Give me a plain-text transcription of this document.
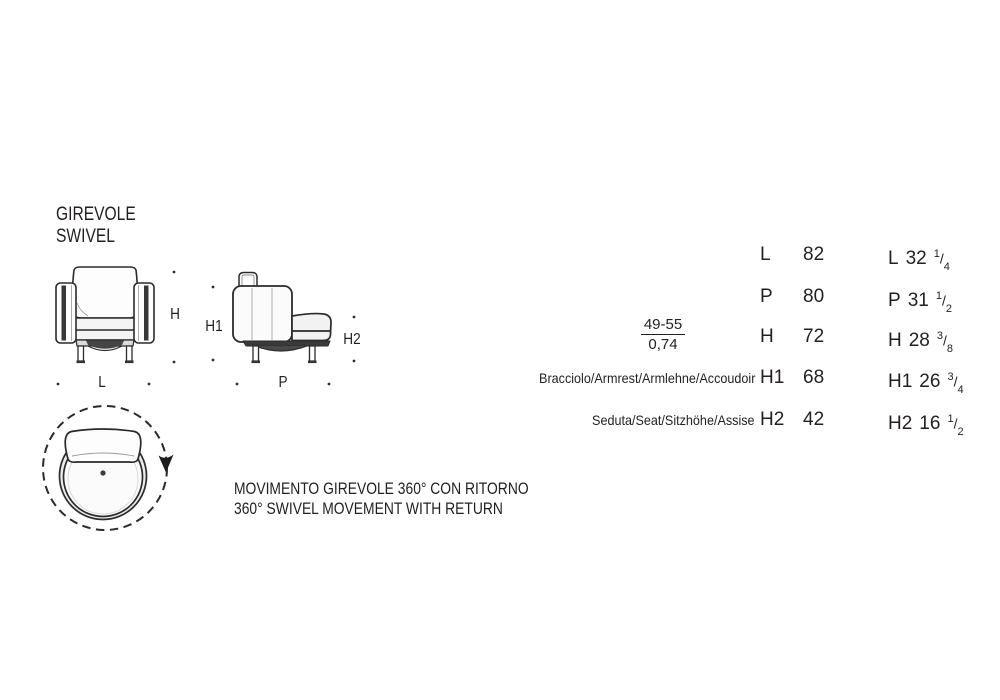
GIREVOLE
SWIVEL
H
L
H1
H2
P
MOVIMENTO GIREVOLE 360° CON RITORNO
360° SWIVEL MOVEMENT WITH RETURN
49-55
0,74
L 82	L 32 $^1/_4$
P 80	P 31 $^1/_2$
H 72	H 28 $^3/_8$
Bracciolo/Armrest/Armlehne/Accoudoir H1 68	H1 26 $^3/_4$
Seduta/Seat/Sitzhöhe/Assise H2 42	H2 16 $^1/_2$
